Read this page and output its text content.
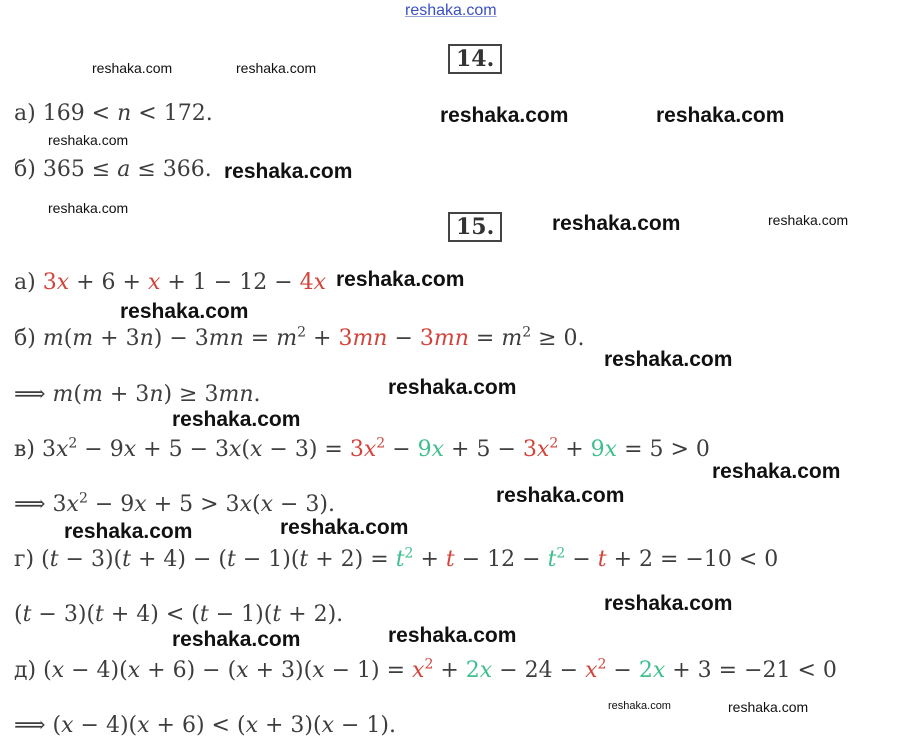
reshaka.com
reshaka.com	reshaka.com
reshaka.com	reshaka.com
reshaka.com
reshaka.com
reshaka.com
reshaka.com	reshaka.com
reshaka.com
reshaka.com
reshaka.com
reshaka.com
reshaka.com
reshaka.com
reshaka.com
reshaka.com	reshaka.com
reshaka.com
reshaka.com	reshaka.com
reshaka.com	reshaka.com
14.
а) 169 < n < 172.
б) 365 ≤ a ≤ 366.
15.
а) 3x + 6 + x + 1 − 12 − 4x
б) $m(m + 3n) - 3mn = m^2 + 3mn - 3mn = m^2 \ge 0$.
⟹ m(m + 3n) ≥ 3mn.
в) $3x^2 - 9x + 5 - 3x(x - 3) = 3x^2 - 9x + 5 - 3x^2 + 9x = 5 > 0$
⟹ $3x^2 - 9x + 5 > 3x(x - 3)$.
г) $(t - 3)(t + 4) - (t - 1)(t + 2) = t^2 + t - 12 - t^2 - t + 2 = -10 < 0$
(t − 3)(t + 4) < (t − 1)(t + 2).
д) $(x - 4)(x + 6) - (x + 3)(x - 1) = x^2 + 2x - 24 - x^2 - 2x + 3 = -21 < 0$
⟹ (x − 4)(x + 6) < (x + 3)(x − 1).
